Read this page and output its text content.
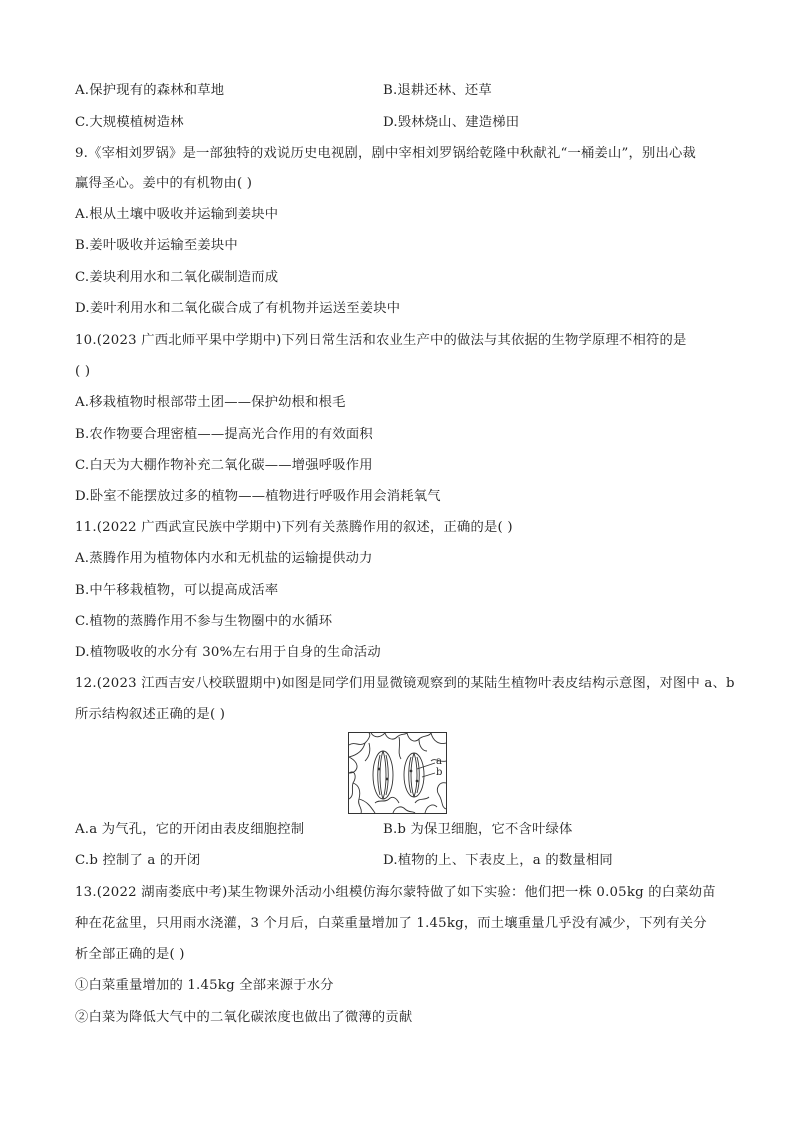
A.保护现有的森林和草地	B.退耕还林、还草
C.大规模植树造林	D.毁林烧山、建造梯田
9.《宰相刘罗锅》是一部独特的戏说历史电视剧，剧中宰相刘罗锅给乾隆中秋献礼“一桶姜山”，别出心裁
赢得圣心。姜中的有机物由( )
A.根从土壤中吸收并运输到姜块中
B.姜叶吸收并运输至姜块中
C.姜块利用水和二氧化碳制造而成
D.姜叶利用水和二氧化碳合成了有机物并运送至姜块中
10.(2023 广西北师平果中学期中)下列日常生活和农业生产中的做法与其依据的生物学原理不相符的是
( )
A.移栽植物时根部带土团——保护幼根和根毛
B.农作物要合理密植——提高光合作用的有效面积
C.白天为大棚作物补充二氧化碳——增强呼吸作用
D.卧室不能摆放过多的植物——植物进行呼吸作用会消耗氧气
11.(2022 广西武宣民族中学期中)下列有关蒸腾作用的叙述，正确的是( )
A.蒸腾作用为植物体内水和无机盐的运输提供动力
B.中午移栽植物，可以提高成活率
C.植物的蒸腾作用不参与生物圈中的水循环
D.植物吸收的水分有 30%左右用于自身的生命活动
12.(2023 江西吉安八校联盟期中)如图是同学们用显微镜观察到的某陆生植物叶表皮结构示意图，对图中 a、b
所示结构叙述正确的是( )
a
b
A.a 为气孔，它的开闭由表皮细胞控制	B.b 为保卫细胞，它不含叶绿体
C.b 控制了 a 的开闭	D.植物的上、下表皮上，a 的数量相同
13.(2022 湖南娄底中考)某生物课外活动小组模仿海尔蒙特做了如下实验：他们把一株 0.05kg 的白菜幼苗
种在花盆里，只用雨水浇灌，3 个月后，白菜重量增加了 1.45kg，而土壤重量几乎没有减少，下列有关分
析全部正确的是( )
①白菜重量增加的 1.45kg 全部来源于水分
②白菜为降低大气中的二氧化碳浓度也做出了微薄的贡献
